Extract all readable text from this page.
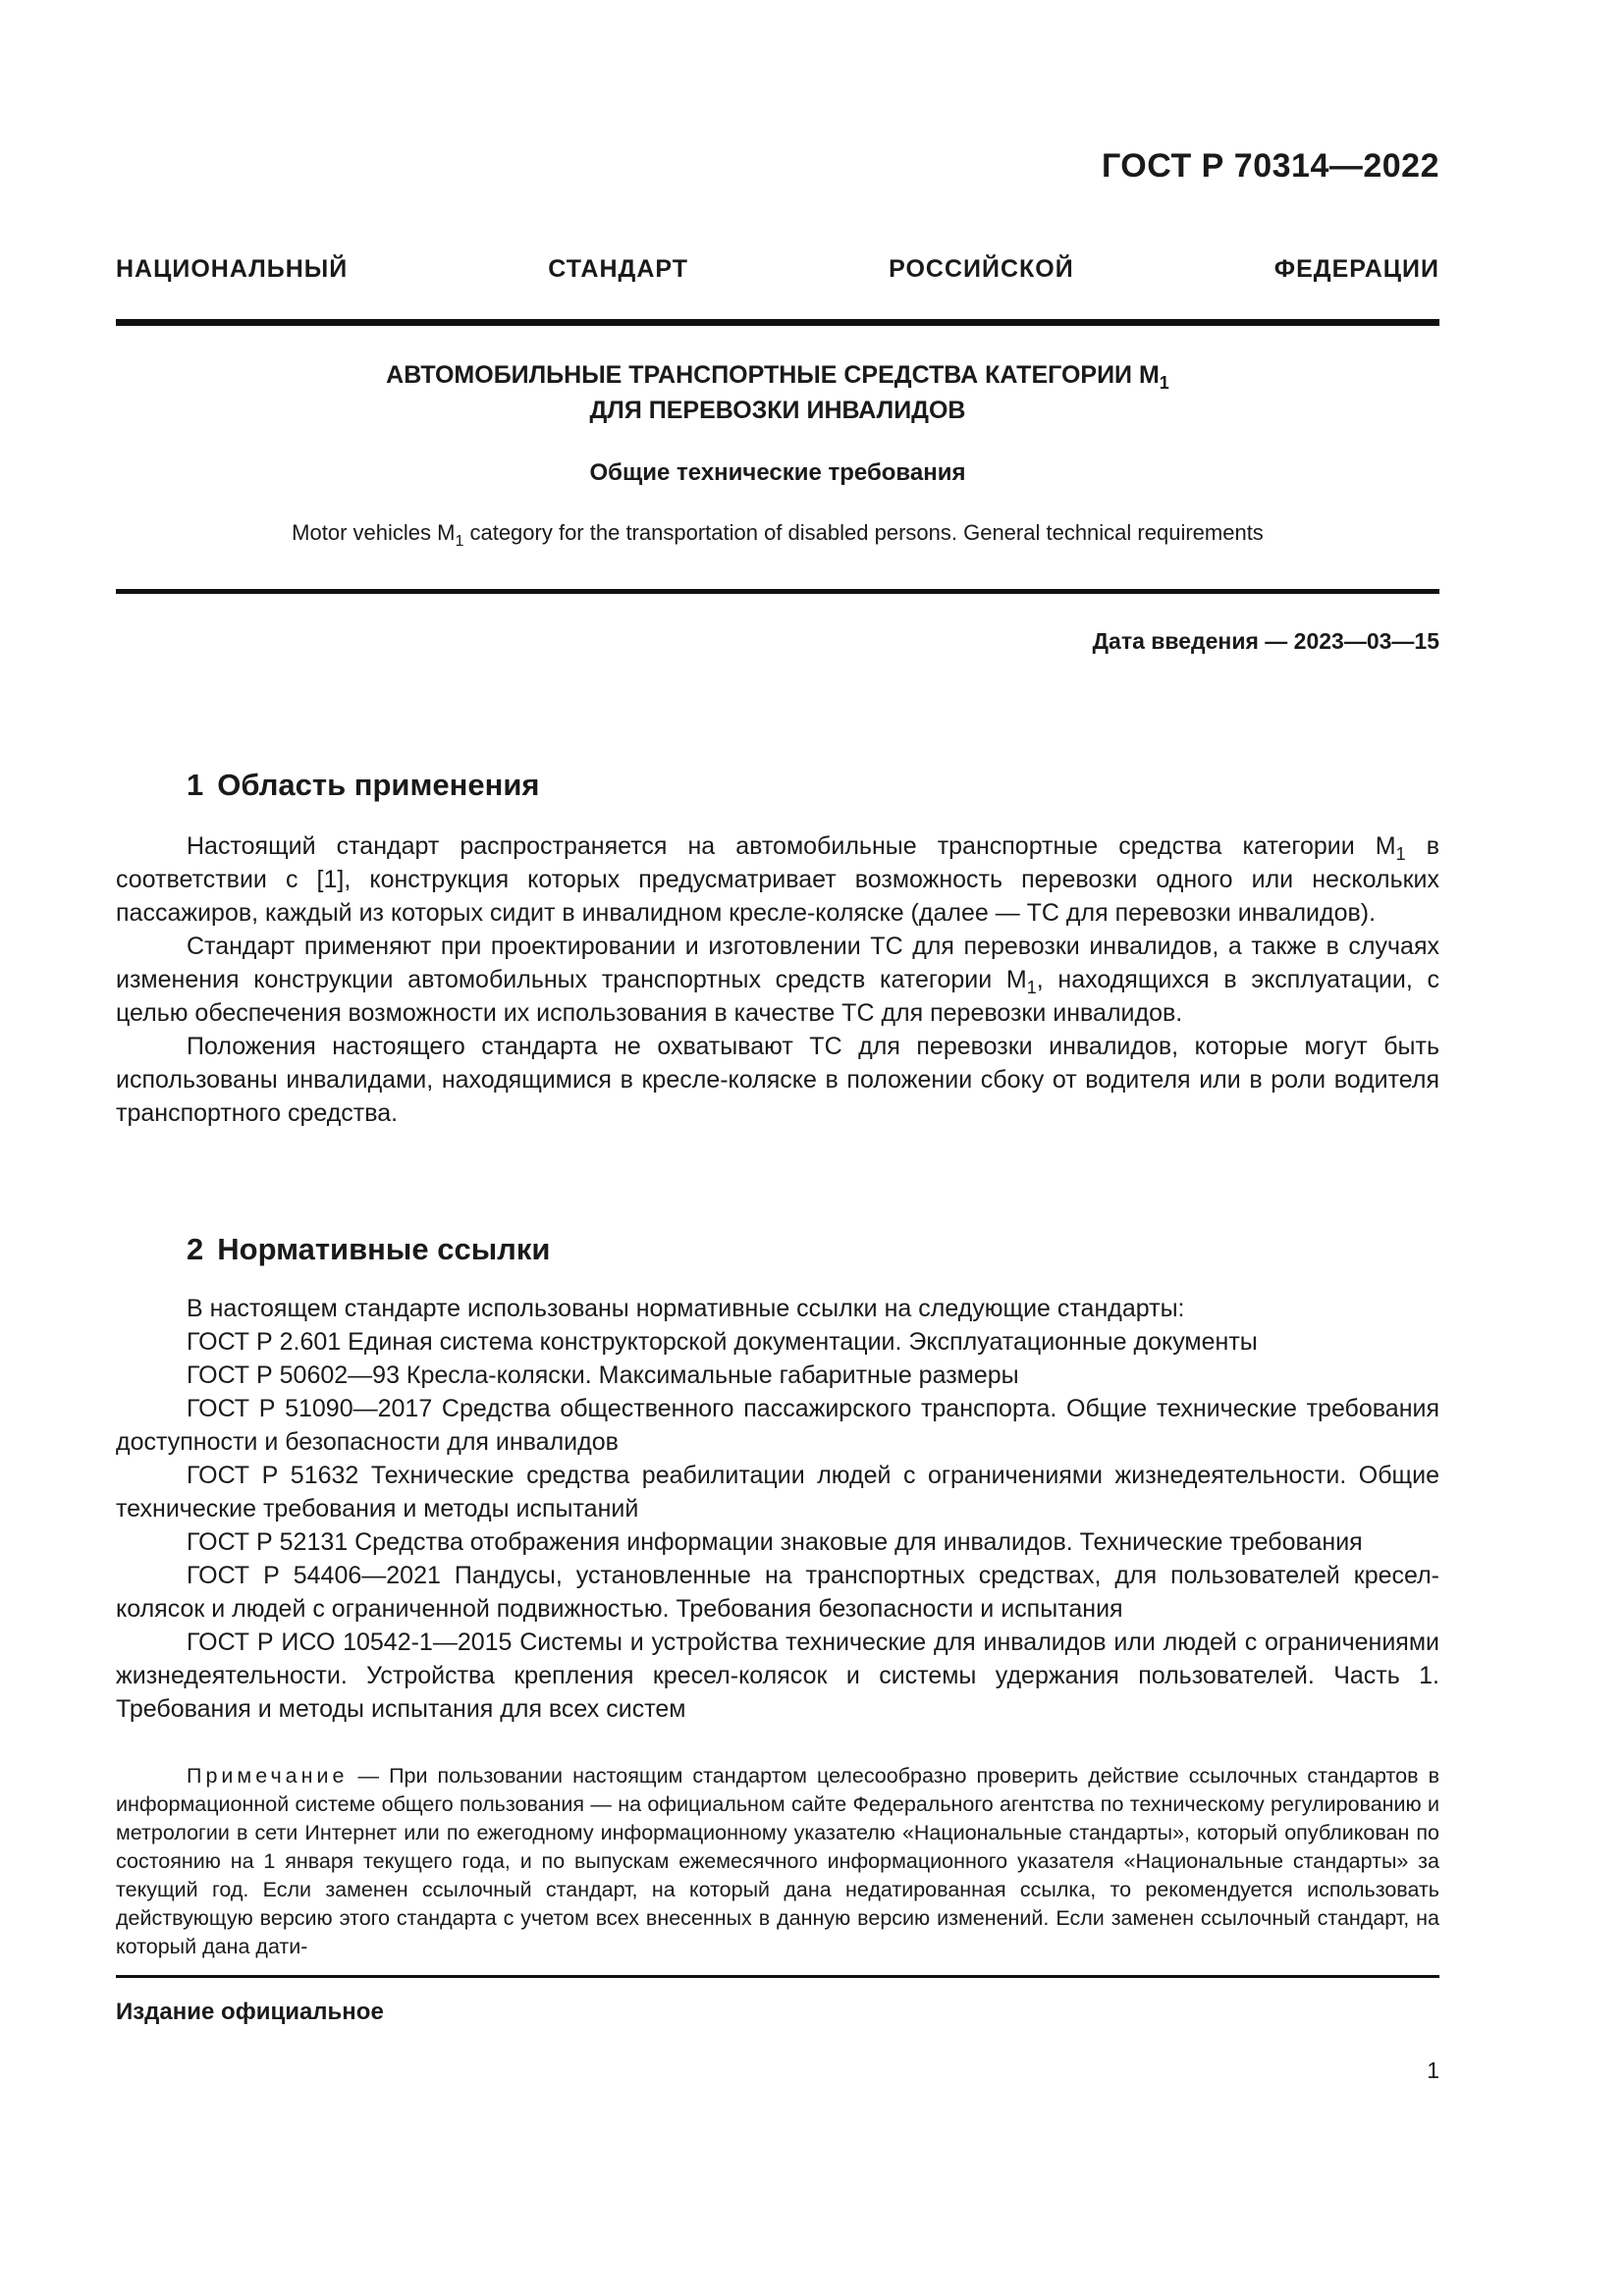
ГОСТ Р 70314—2022
НАЦИОНАЛЬНЫЙ СТАНДАРТ РОССИЙСКОЙ ФЕДЕРАЦИИ
АВТОМОБИЛЬНЫЕ ТРАНСПОРТНЫЕ СРЕДСТВА КАТЕГОРИИ $М_1$
ДЛЯ ПЕРЕВОЗКИ ИНВАЛИДОВ
Общие технические требования
Motor vehicles $M_1$ category for the transportation of disabled persons. General technical requirements
Дата введения — 2023—03—15
1 Область применения

Настоящий стандарт распространяется на автомобильные транспортные средства категории $М_1$ в соответствии с [1], конструкция которых предусматривает возможность перевозки одного или нескольких пассажиров, каждый из которых сидит в инвалидном кресле-коляске (далее — ТС для перевозки инвалидов).

Стандарт применяют при проектировании и изготовлении ТС для перевозки инвалидов, а также в случаях изменения конструкции автомобильных транспортных средств категории $М_1$, находящихся в эксплуатации, с целью обеспечения возможности их использования в качестве ТС для перевозки инвалидов.

Положения настоящего стандарта не охватывают ТС для перевозки инвалидов, которые могут быть использованы инвалидами, находящимися в кресле-коляске в положении сбоку от водителя или в роли водителя транспортного средства.

2 Нормативные ссылки

В настоящем стандарте использованы нормативные ссылки на следующие стандарты:

ГОСТ Р 2.601 Единая система конструкторской документации. Эксплуатационные документы

ГОСТ Р 50602—93 Кресла-коляски. Максимальные габаритные размеры

ГОСТ Р 51090—2017 Средства общественного пассажирского транспорта. Общие технические требования доступности и безопасности для инвалидов

ГОСТ Р 51632 Технические средства реабилитации людей с ограничениями жизнедеятельности. Общие технические требования и методы испытаний

ГОСТ Р 52131 Средства отображения информации знаковые для инвалидов. Технические требования

ГОСТ Р 54406—2021 Пандусы, установленные на транспортных средствах, для пользователей кресел-колясок и людей с ограниченной подвижностью. Требования безопасности и испытания

ГОСТ Р ИСО 10542-1—2015 Системы и устройства технические для инвалидов или людей с ограничениями жизнедеятельности. Устройства крепления кресел-колясок и системы удержания пользователей. Часть 1. Требования и методы испытания для всех систем

Примечание — При пользовании настоящим стандартом целесообразно проверить действие ссылочных стандартов в информационной системе общего пользования — на официальном сайте Федерального агентства по техническому регулированию и метрологии в сети Интернет или по ежегодному информационному указателю «Национальные стандарты», который опубликован по состоянию на 1 января текущего года, и по выпускам ежемесячного информационного указателя «Национальные стандарты» за текущий год. Если заменен ссылочный стандарт, на который дана недатированная ссылка, то рекомендуется использовать действующую версию этого стандарта с учетом всех внесенных в данную версию изменений. Если заменен ссылочный стандарт, на который дана дати-
Издание официальное
1
